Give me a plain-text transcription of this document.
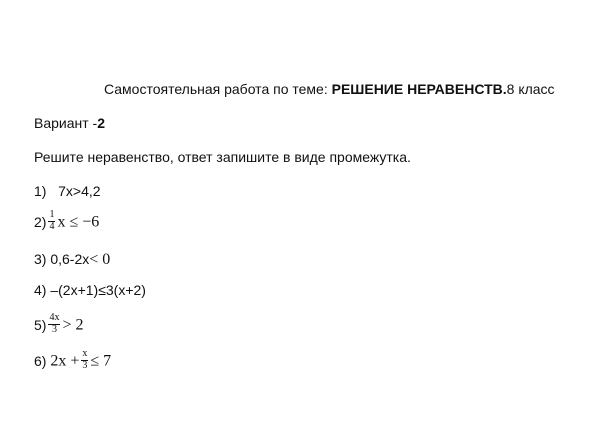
Самостоятельная работа по теме: РЕШЕНИЕ НЕРАВЕНСТВ.8 класс
Вариант -2
Решите неравенство, ответ запишите в виде промежутка.
1) 7x>4,2
$2) \frac{1}{4}$ x ≤ −6
3) 0,6-2x< 0
4) –(2x+1)≤3(x+2)
$5) \frac{4x}{3} > 2$
6) $2x + \frac{x}{3} \le 7$
